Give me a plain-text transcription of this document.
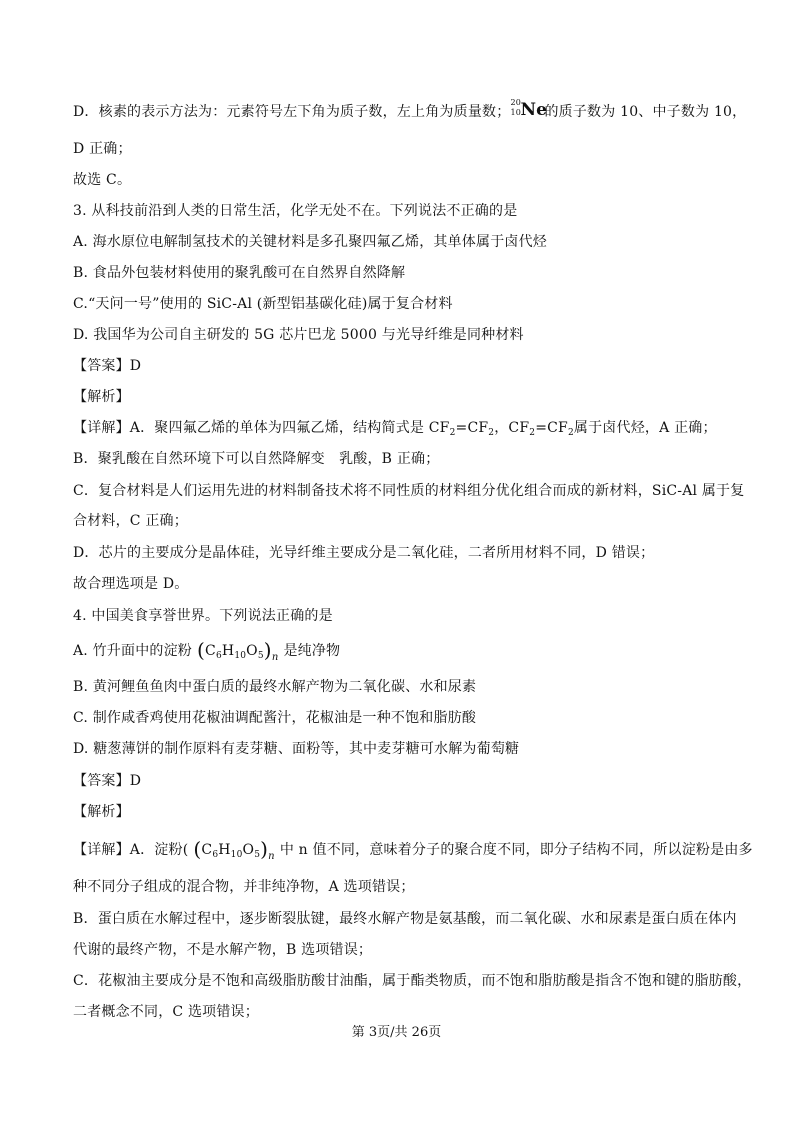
D．核素的表示方法为：元素符号左下角为质子数，左上角为质量数；
20
10 Ne
的质子数为 10、中子数为 10，
D 正确；
故选 C。
3. 从科技前沿到人类的日常生活，化学无处不在。下列说法不正确的是
A. 海水原位电解制氢技术的关键材料是多孔聚四氟乙烯，其单体属于卤代烃
B. 食品外包装材料使用的聚乳酸可在自然界自然降解
C.“天问一号”使用的 SiC-Al (新型铝基碳化硅)属于复合材料
D. 我国华为公司自主研发的 5G 芯片巴龙 5000 与光导纤维是同种材料
【答案】D
【解析】
【详解】A．聚四氟乙烯的单体为四氟乙烯，结构简式是 $CF_2=CF_2$，$CF_2=CF_2$属于卤代烃，A 正确；
B．聚乳酸在自然环境下可以自然降解变　乳酸，B 正确；
C．复合材料是人们运用先进的材料制备技术将不同性质的材料组分优化组合而成的新材料，SiC-Al 属于复
合材料，C 正确；
D．芯片的主要成分是晶体硅，光导纤维主要成分是二氧化硅，二者所用材料不同，D 错误；
故合理选项是 D。
4. 中国美食享誉世界。下列说法正确的是
A. 竹升面中的淀粉 $(C_6H_{10}O_5)_n$ 是纯净物
B. 黄河鲤鱼鱼肉中蛋白质的最终水解产物为二氧化碳、水和尿素
C. 制作咸香鸡使用花椒油调配酱汁，花椒油是一种不饱和脂肪酸
D. 糖葱薄饼的制作原料有麦芽糖、面粉等，其中麦芽糖可水解为葡萄糖
【答案】D
【解析】
【详解】A．淀粉( $(C_6H_{10}O_5)_n$ 中 n 值不同，意味着分子的聚合度不同，即分子结构不同，所以淀粉是由多
种不同分子组成的混合物，并非纯净物，A 选项错误；
B．蛋白质在水解过程中，逐步断裂肽键，最终水解产物是氨基酸，而二氧化碳、水和尿素是蛋白质在体内
代谢的最终产物，不是水解产物，B 选项错误；
C．花椒油主要成分是不饱和高级脂肪酸甘油酯，属于酯类物质，而不饱和脂肪酸是指含不饱和键的脂肪酸，
二者概念不同，C 选项错误；
第 3页/共 26页
